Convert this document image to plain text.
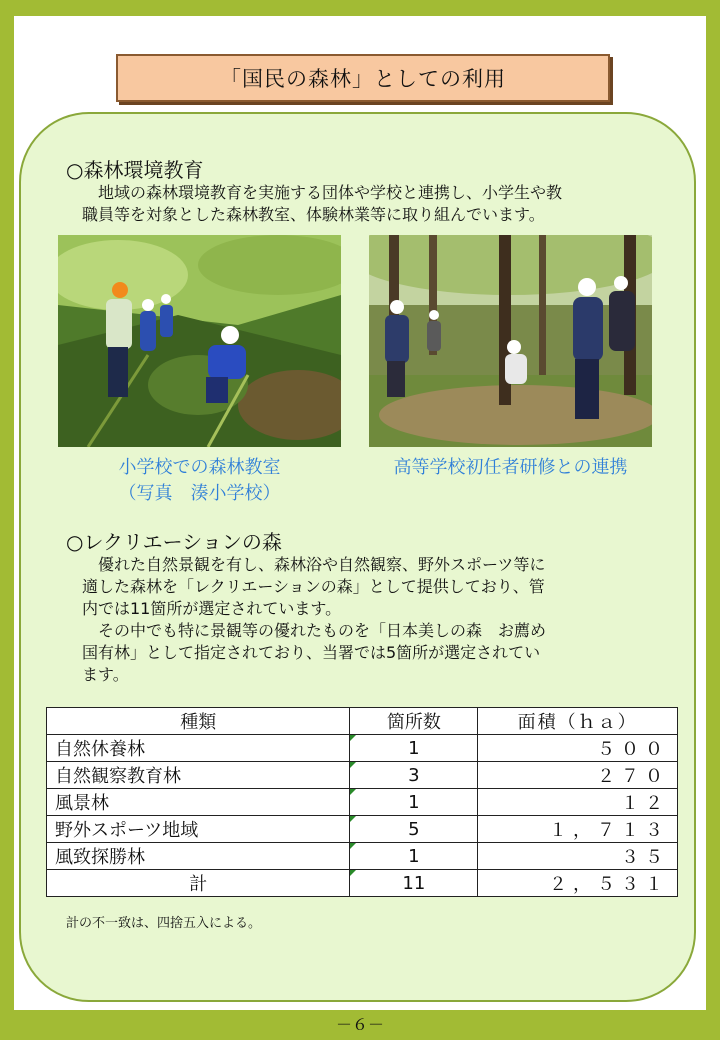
「国民の森林」としての利用
○森林環境教育
地域の森林環境教育を実施する団体や学校と連携し、小学生や教
職員等を対象とした森林教室、体験林業等に取り組んでいます。
小学校での森林教室
（写真　湊小学校）
高等学校初任者研修との連携
○レクリエーションの森
優れた自然景観を有し、森林浴や自然観察、野外スポーツ等に
適した森林を「レクリエーションの森」として提供しており、管
内では11箇所が選定されています。
その中でも特に景観等の優れたものを「日本美しの森　お薦め
国有林」として指定されており、当署では5箇所が選定されてい
ます。
種類	箇所数	面積（ｈａ）
自然休養林	1	５００
自然観察教育林	3	２７０
風景林	1	１２
野外スポーツ地域	5	１，７１３
風致探勝林	1	３５
計	11	２，５３１
計の不一致は、四捨五入による。
－６－
